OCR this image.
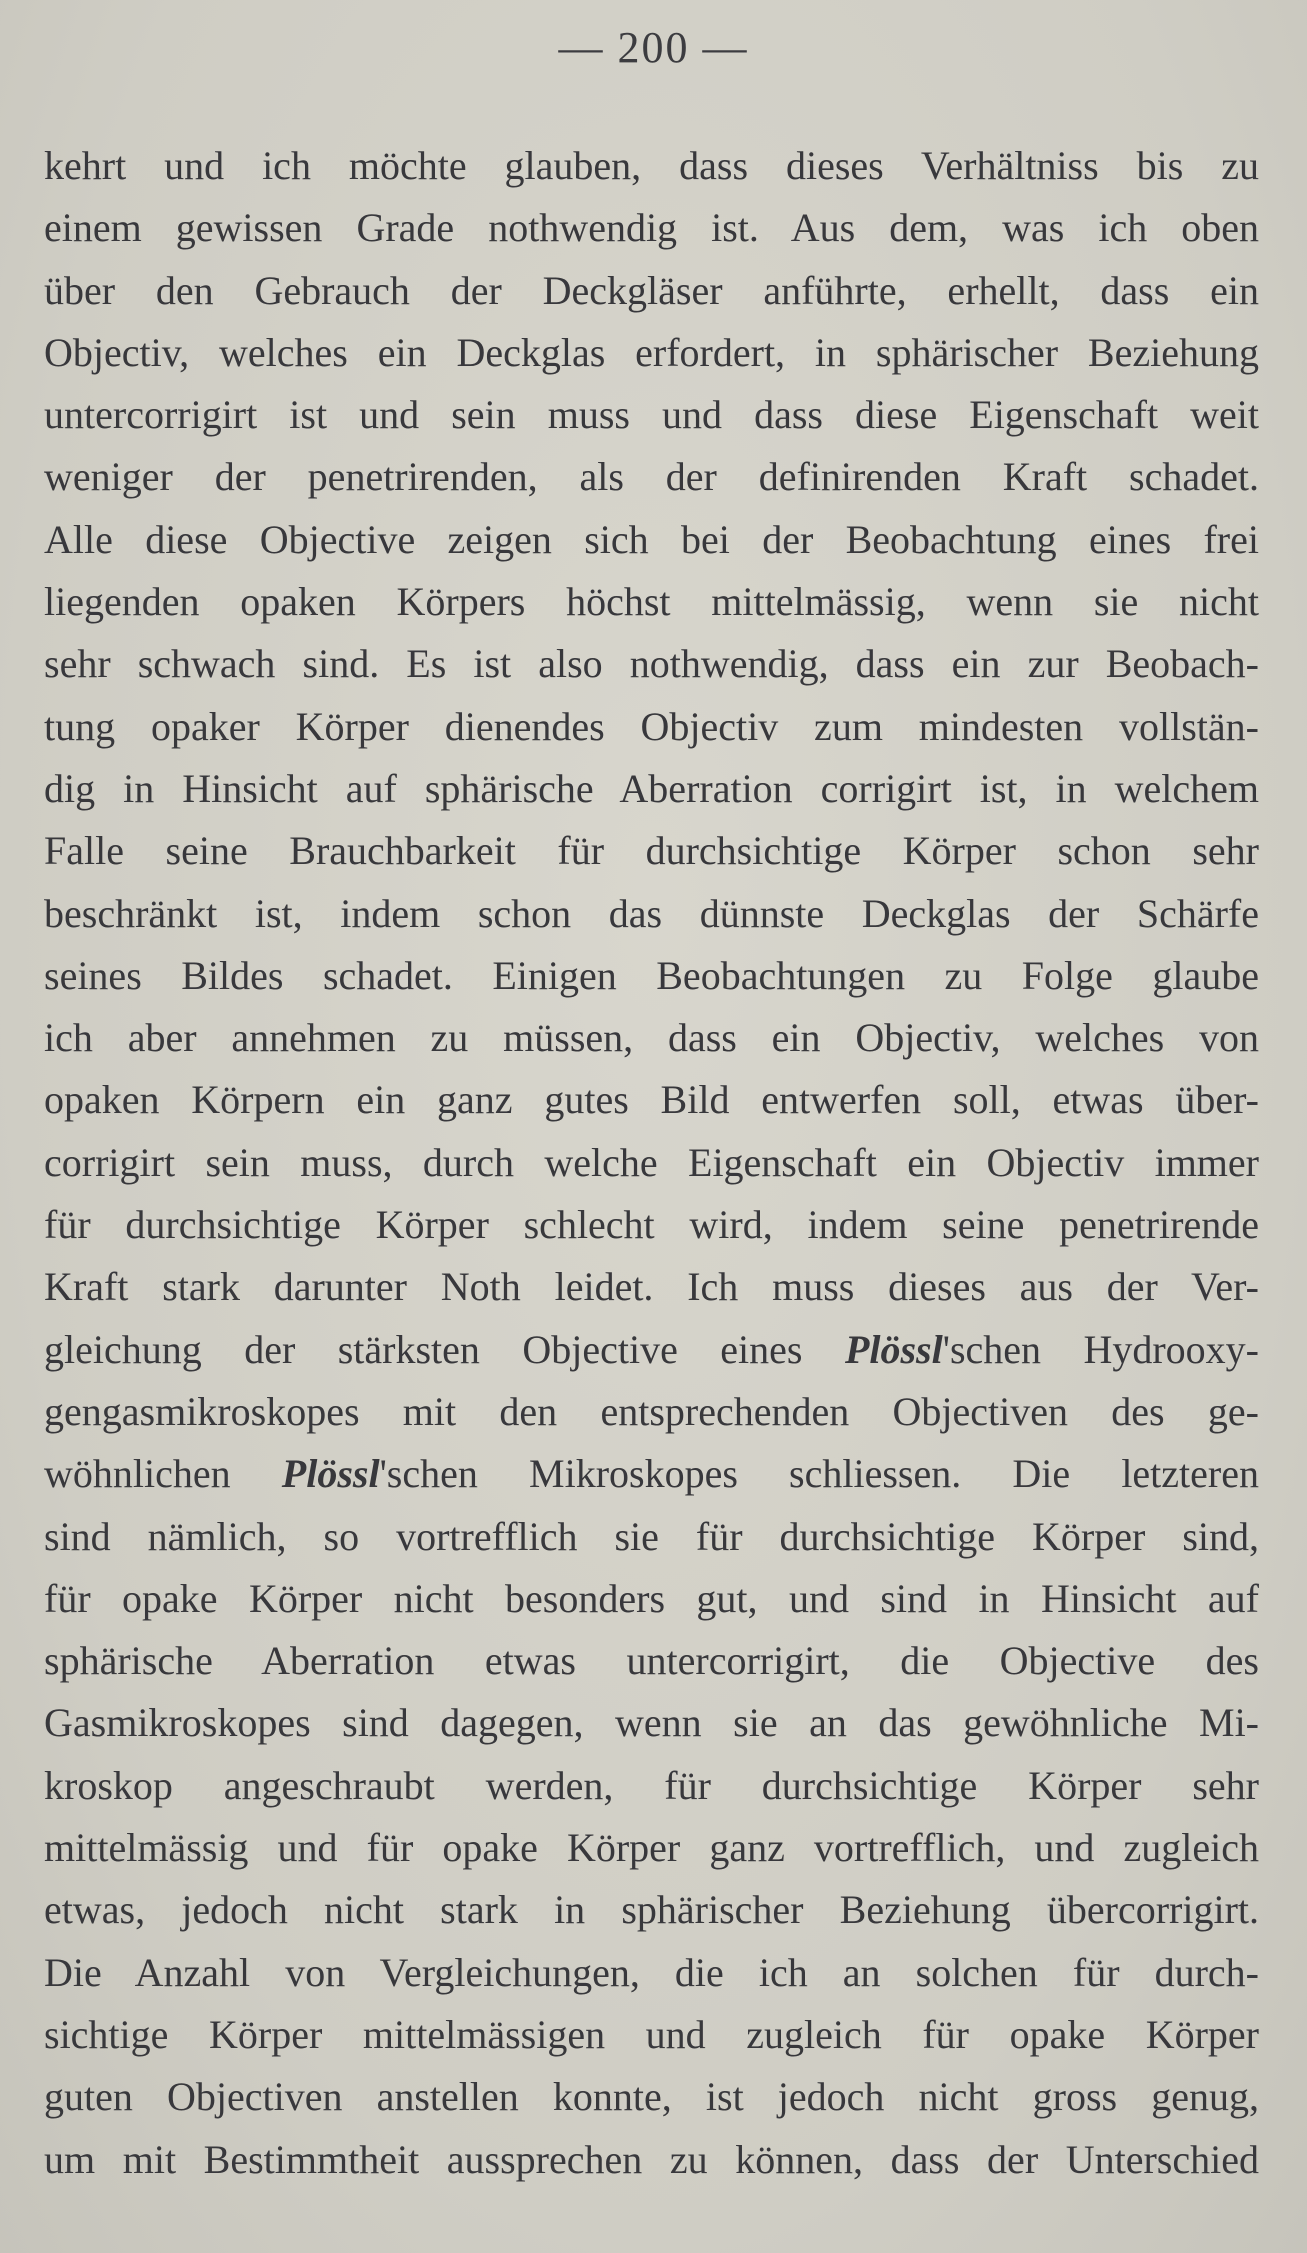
— 200 —
kehrt und ich möchte glauben, dass dieses Verhältniss bis zu
einem gewissen Grade nothwendig ist. Aus dem, was ich oben
über den Gebrauch der Deckgläser anführte, erhellt, dass ein
Objectiv, welches ein Deckglas erfordert, in sphärischer Beziehung
untercorrigirt ist und sein muss und dass diese Eigenschaft weit
weniger der penetrirenden, als der definirenden Kraft schadet.
Alle diese Objective zeigen sich bei der Beobachtung eines frei
liegenden opaken Körpers höchst mittelmässig, wenn sie nicht
sehr schwach sind. Es ist also nothwendig, dass ein zur Beobach-
tung opaker Körper dienendes Objectiv zum mindesten vollstän-
dig in Hinsicht auf sphärische Aberration corrigirt ist, in welchem
Falle seine Brauchbarkeit für durchsichtige Körper schon sehr
beschränkt ist, indem schon das dünnste Deckglas der Schärfe
seines Bildes schadet. Einigen Beobachtungen zu Folge glaube
ich aber annehmen zu müssen, dass ein Objectiv, welches von
opaken Körpern ein ganz gutes Bild entwerfen soll, etwas über-
corrigirt sein muss, durch welche Eigenschaft ein Objectiv immer
für durchsichtige Körper schlecht wird, indem seine penetrirende
Kraft stark darunter Noth leidet. Ich muss dieses aus der Ver-
gleichung der stärksten Objective eines Plössl'schen Hydrooxy-
gengasmikroskopes mit den entsprechenden Objectiven des ge-
wöhnlichen Plössl'schen Mikroskopes schliessen. Die letzteren
sind nämlich, so vortrefflich sie für durchsichtige Körper sind,
für opake Körper nicht besonders gut, und sind in Hinsicht auf
sphärische Aberration etwas untercorrigirt, die Objective des
Gasmikroskopes sind dagegen, wenn sie an das gewöhnliche Mi-
kroskop angeschraubt werden, für durchsichtige Körper sehr
mittelmässig und für opake Körper ganz vortrefflich, und zugleich
etwas, jedoch nicht stark in sphärischer Beziehung übercorrigirt.
Die Anzahl von Vergleichungen, die ich an solchen für durch-
sichtige Körper mittelmässigen und zugleich für opake Körper
guten Objectiven anstellen konnte, ist jedoch nicht gross genug,
um mit Bestimmtheit aussprechen zu können, dass der Unterschied
